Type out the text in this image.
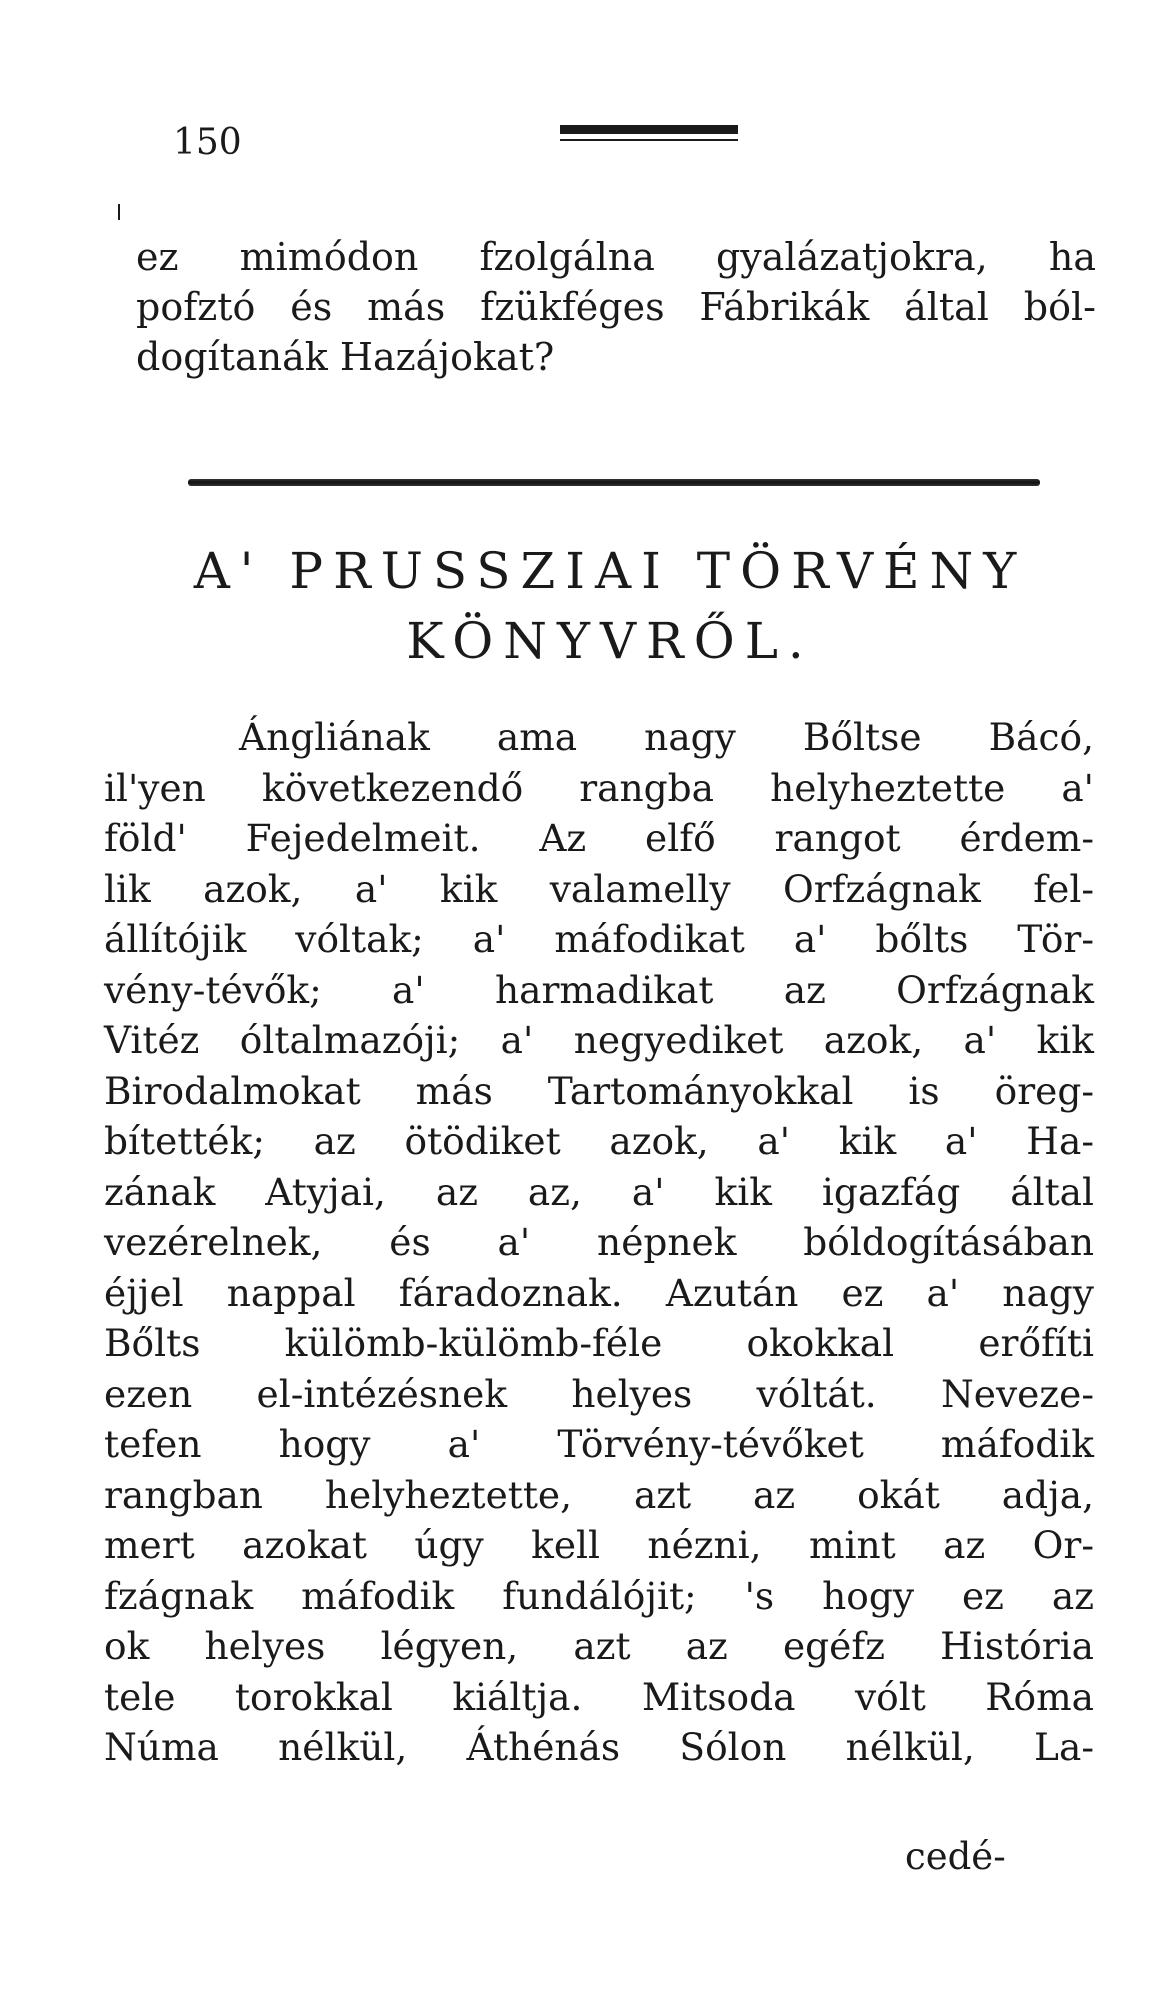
150

ez mimódon fzolgálna gyalázatjokra, ha
pofztó és más fzükféges Fábrikák által ból-
dogítanák Hazájokat?

A' PRUSSZIAI TÖRVÉNY
KÖNYVRŐL.
Ángliának ama nagy Bőltse Bácó,
il'yen következendő rangba helyheztette a'
föld' Fejedelmeit. Az elfő rangot érdem-
lik azok, a' kik valamelly Orfzágnak fel-
állítójik vóltak; a' máfodikat a' bőlts Tör-
vény-tévők; a' harmadikat az Orfzágnak
Vitéz óltalmazóji; a' negyediket azok, a' kik
Birodalmokat más Tartományokkal is öreg-
bítették; az ötödiket azok, a' kik a' Ha-
zának Atyjai, az az, a' kik igazfág által
vezérelnek, és a' népnek bóldogításában
éjjel nappal fáradoznak. Azután ez a' nagy
Bőlts külömb-külömb-féle okokkal erőfíti
ezen el-intézésnek helyes vóltát. Neveze-
tefen hogy a' Törvény-tévőket máfodik
rangban helyheztette, azt az okát adja,
mert azokat úgy kell nézni, mint az Or-
fzágnak máfodik fundálójit; 's hogy ez az
ok helyes légyen, azt az egéfz História
tele torokkal kiáltja. Mitsoda vólt Róma
Núma nélkül, Áthénás Sólon nélkül, La-
cedé-
